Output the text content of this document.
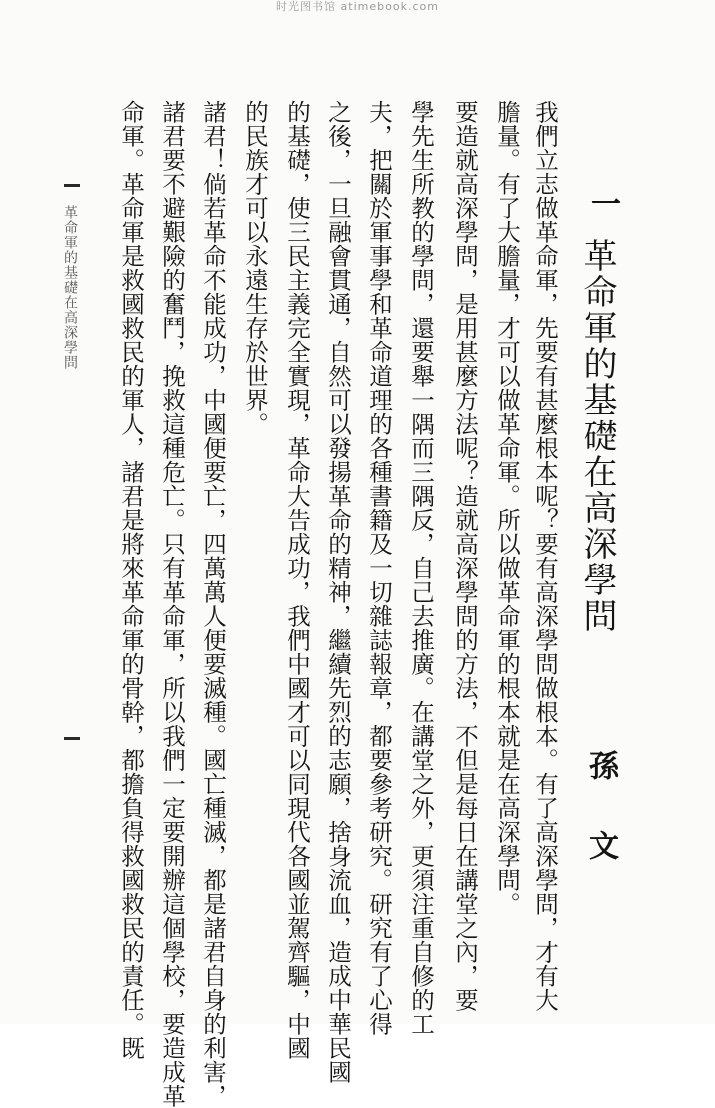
时光图书馆 atimebook.com
一
革命軍的基礎在高深學問
孫　文
我們立志做革命軍，先要有甚麼根本呢？要有高深學問做根本。有了高深學問，才有大
膽量。有了大膽量，才可以做革命軍。所以做革命軍的根本就是在高深學問。
要造就高深學問，是用甚麼方法呢？造就高深學問的方法，不但是每日在講堂之內，要
學先生所教的學問，還要舉一隅而三隅反，自己去推廣。在講堂之外，更須注重自修的工
夫，把關於軍事學和革命道理的各種書籍及一切雜誌報章，都要參考研究。研究有了心得
之後，一旦融會貫通，自然可以發揚革命的精神，繼續先烈的志願，捨身流血，造成中華民國
的基礎，使三民主義完全實現，革命大告成功，我們中國才可以同現代各國並駕齊驅，中國
的民族才可以永遠生存於世界。
諸君！倘若革命不能成功，中國便要亡，四萬萬人便要滅種。國亡種滅，都是諸君自身的利害，
諸君要不避艱險的奮鬥，挽救這種危亡。只有革命軍，所以我們一定要開辦這個學校，要造成革
命軍。革命軍是救國救民的軍人，諸君是將來革命軍的骨幹，都擔負得救國救民的責任。既
革命軍的基礎在高深學問
